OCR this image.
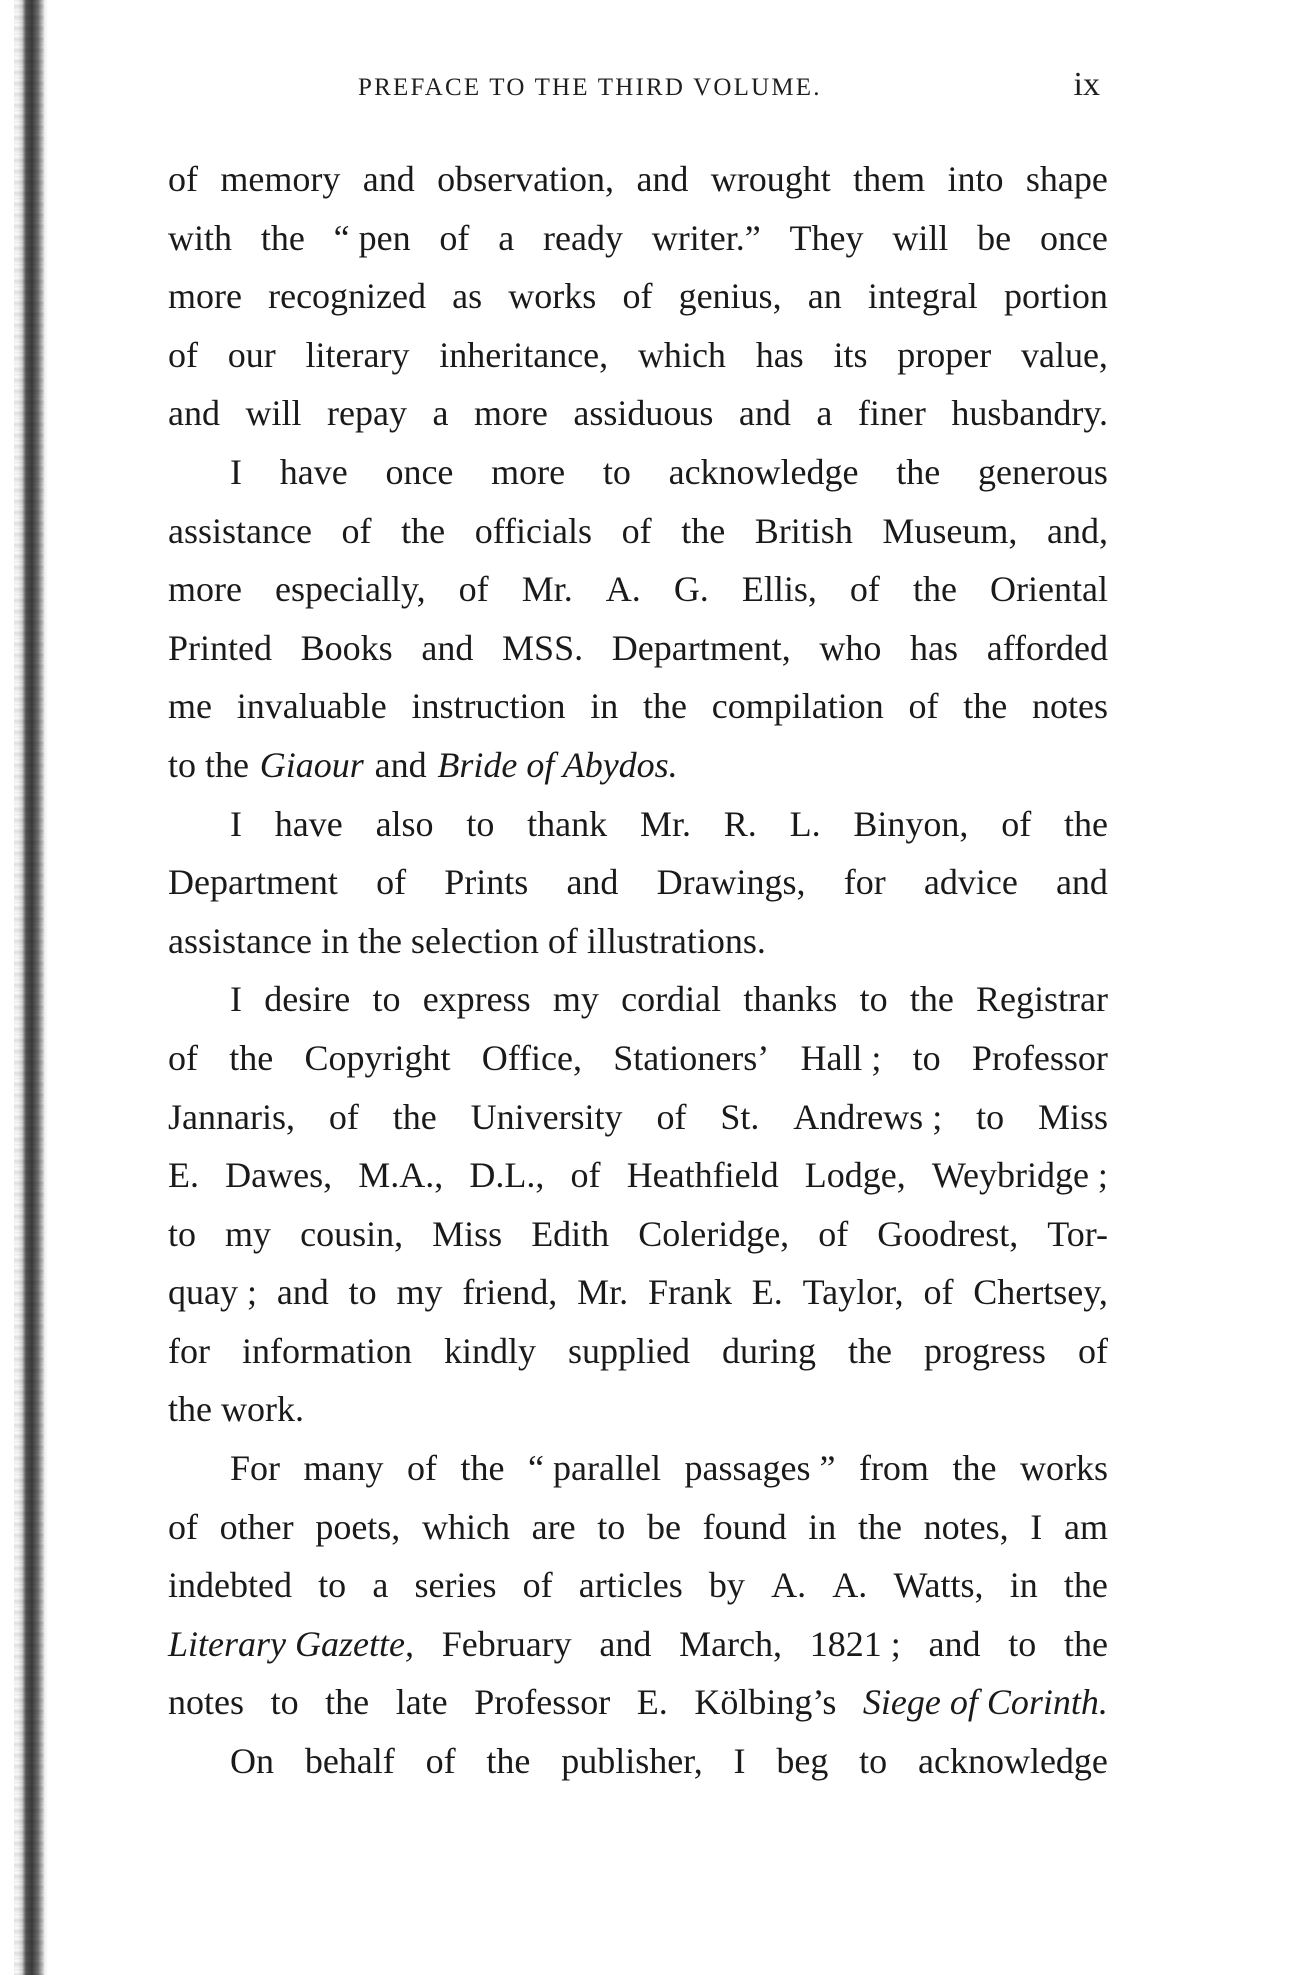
PREFACE TO THE THIRD VOLUME.	ix
of memory and observation, and wrought them into shape
with the “ pen of a ready writer.” They will be once
more recognized as works of genius, an integral portion
of our literary inheritance, which has its proper value,
and will repay a more assiduous and a finer husbandry.
I have once more to acknowledge the generous
assistance of the officials of the British Museum, and,
more especially, of Mr. A. G. Ellis, of the Oriental
Printed Books and MSS. Department, who has afforded
me invaluable instruction in the compilation of the notes
to the Giaour and Bride of Abydos.
I have also to thank Mr. R. L. Binyon, of the
Department of Prints and Drawings, for advice and
assistance in the selection of illustrations.
I desire to express my cordial thanks to the Registrar
of the Copyright Office, Stationers’ Hall ; to Professor
Jannaris, of the University of St. Andrews ; to Miss
E. Dawes, M.A., D.L., of Heathfield Lodge, Weybridge ;
to my cousin, Miss Edith Coleridge, of Goodrest, Tor-
quay ; and to my friend, Mr. Frank E. Taylor, of Chertsey,
for information kindly supplied during the progress of
the work.
For many of the “ parallel passages ” from the works
of other poets, which are to be found in the notes, I am
indebted to a series of articles by A. A. Watts, in the
Literary Gazette, February and March, 1821 ; and to the
notes to the late Professor E. Kölbing’s Siege of Corinth.
On behalf of the publisher, I beg to acknowledge
